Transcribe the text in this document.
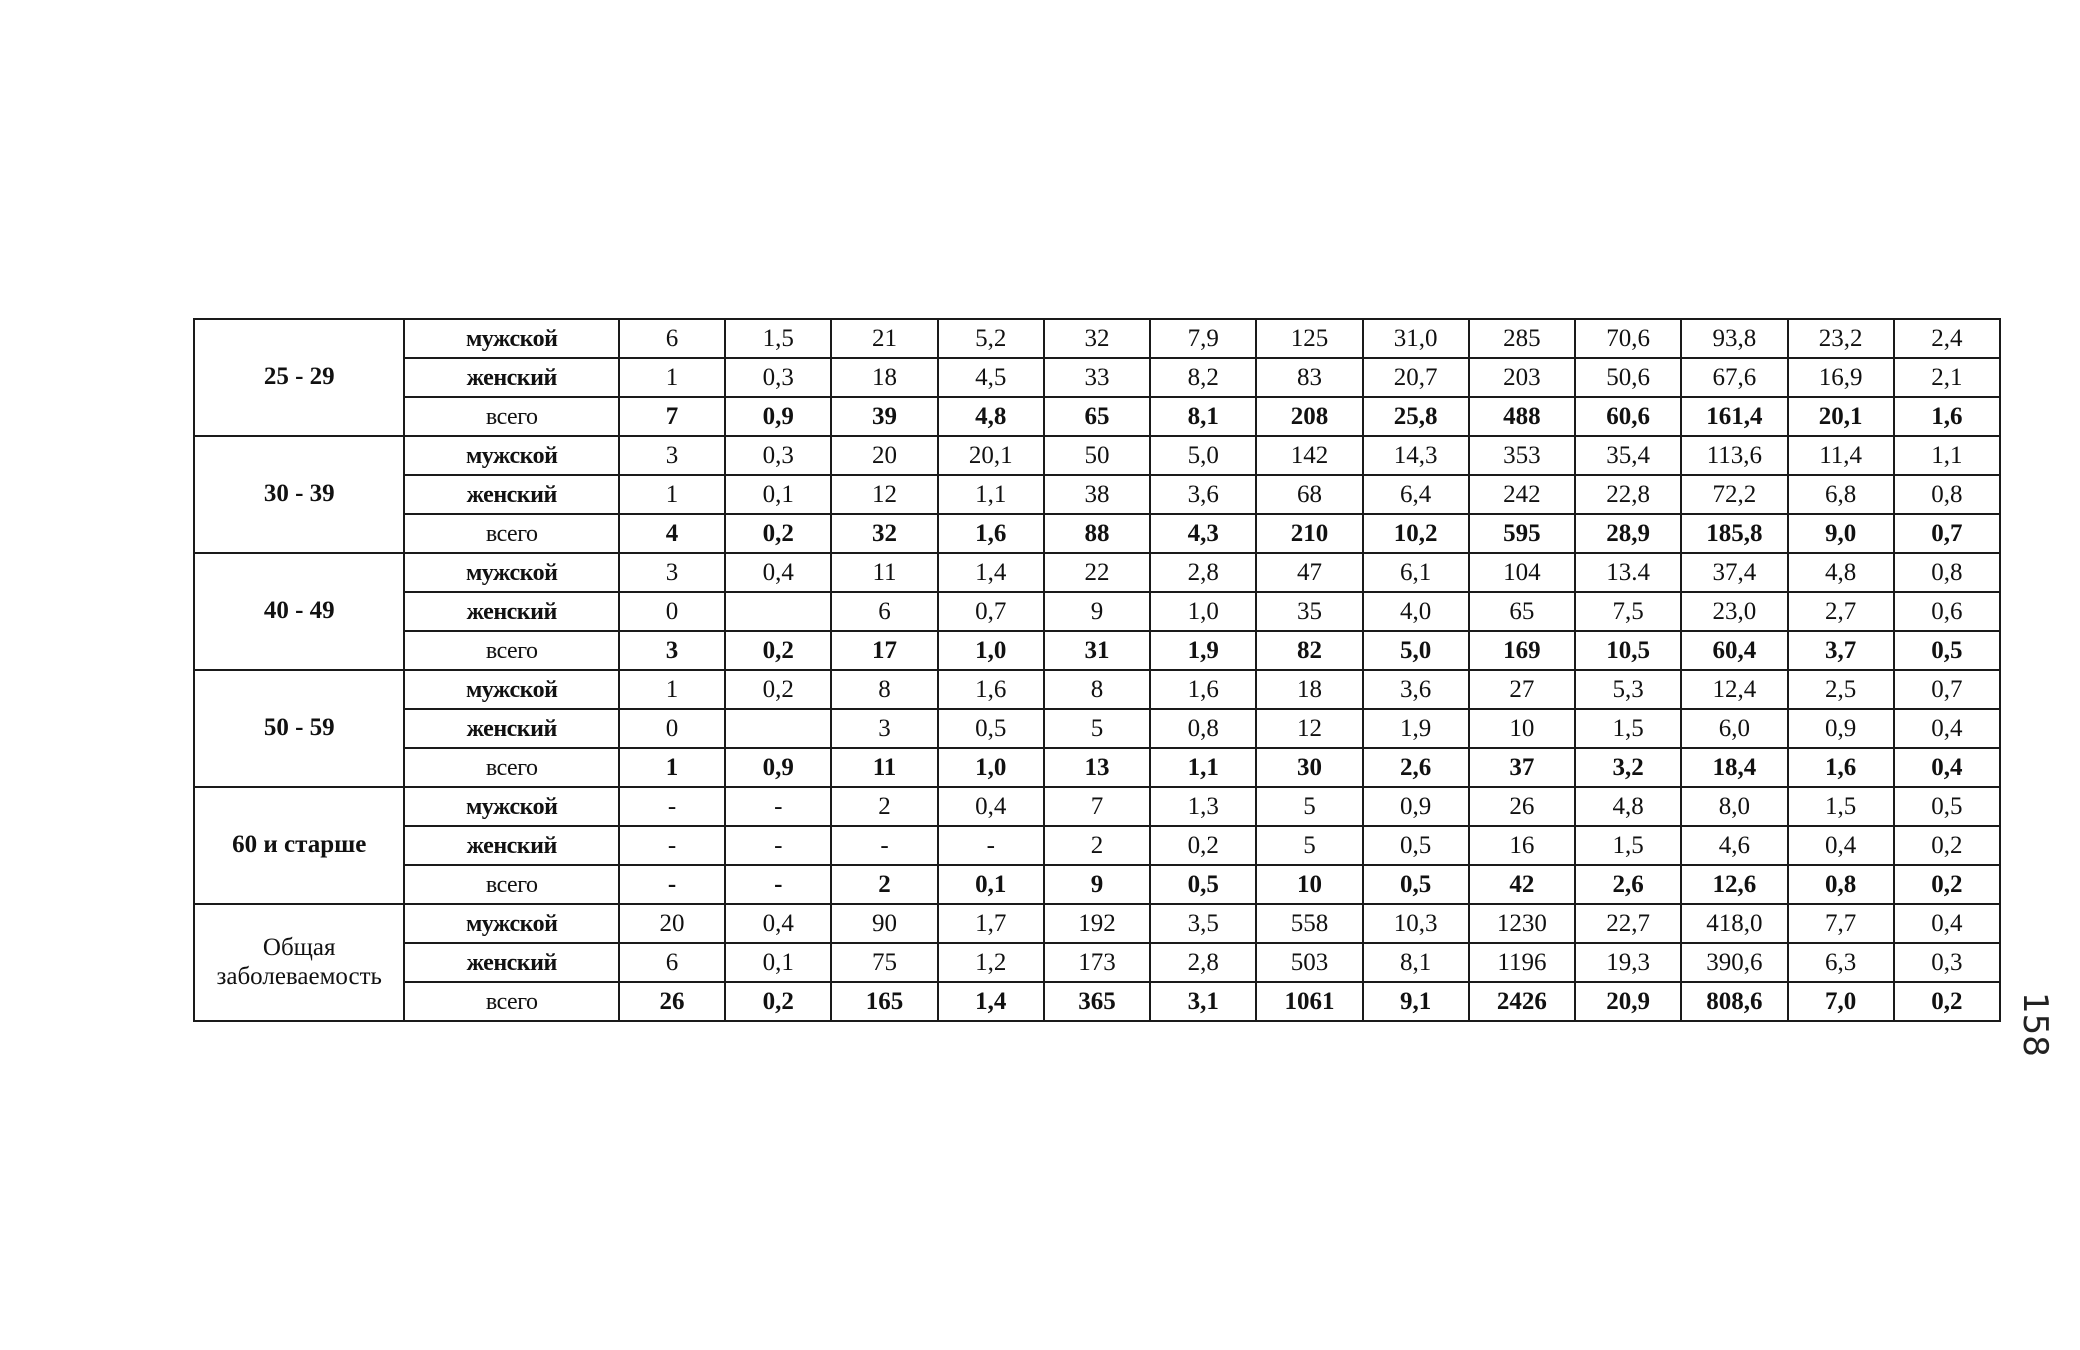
25 - 29	мужской	6	1,5	21	5,2	32	7,9	125	31,0	285	70,6	93,8	23,2	2,4
	женский	1	0,3	18	4,5	33	8,2	83	20,7	203	50,6	67,6	16,9	2,1
	всего	7	0,9	39	4,8	65	8,1	208	25,8	488	60,6	161,4	20,1	1,6
30 - 39	мужской	3	0,3	20	20,1	50	5,0	142	14,3	353	35,4	113,6	11,4	1,1
	женский	1	0,1	12	1,1	38	3,6	68	6,4	242	22,8	72,2	6,8	0,8
	всего	4	0,2	32	1,6	88	4,3	210	10,2	595	28,9	185,8	9,0	0,7
40 - 49	мужской	3	0,4	11	1,4	22	2,8	47	6,1	104	13.4	37,4	4,8	0,8
	женский	0		6	0,7	9	1,0	35	4,0	65	7,5	23,0	2,7	0,6
	всего	3	0,2	17	1,0	31	1,9	82	5,0	169	10,5	60,4	3,7	0,5
50 - 59	мужской	1	0,2	8	1,6	8	1,6	18	3,6	27	5,3	12,4	2,5	0,7
	женский	0		3	0,5	5	0,8	12	1,9	10	1,5	6,0	0,9	0,4
	всего	1	0,9	11	1,0	13	1,1	30	2,6	37	3,2	18,4	1,6	0,4
60 и старше	мужской	-	-	2	0,4	7	1,3	5	0,9	26	4,8	8,0	1,5	0,5
	женский	-	-	-	-	2	0,2	5	0,5	16	1,5	4,6	0,4	0,2
	всего	-	-	2	0,1	9	0,5	10	0,5	42	2,6	12,6	0,8	0,2
Общая заболеваемость	мужской	20	0,4	90	1,7	192	3,5	558	10,3	1230	22,7	418,0	7,7	0,4
	женский	6	0,1	75	1,2	173	2,8	503	8,1	1196	19,3	390,6	6,3	0,3
	всего	26	0,2	165	1,4	365	3,1	1061	9,1	2426	20,9	808,6	7,0	0,2	158
